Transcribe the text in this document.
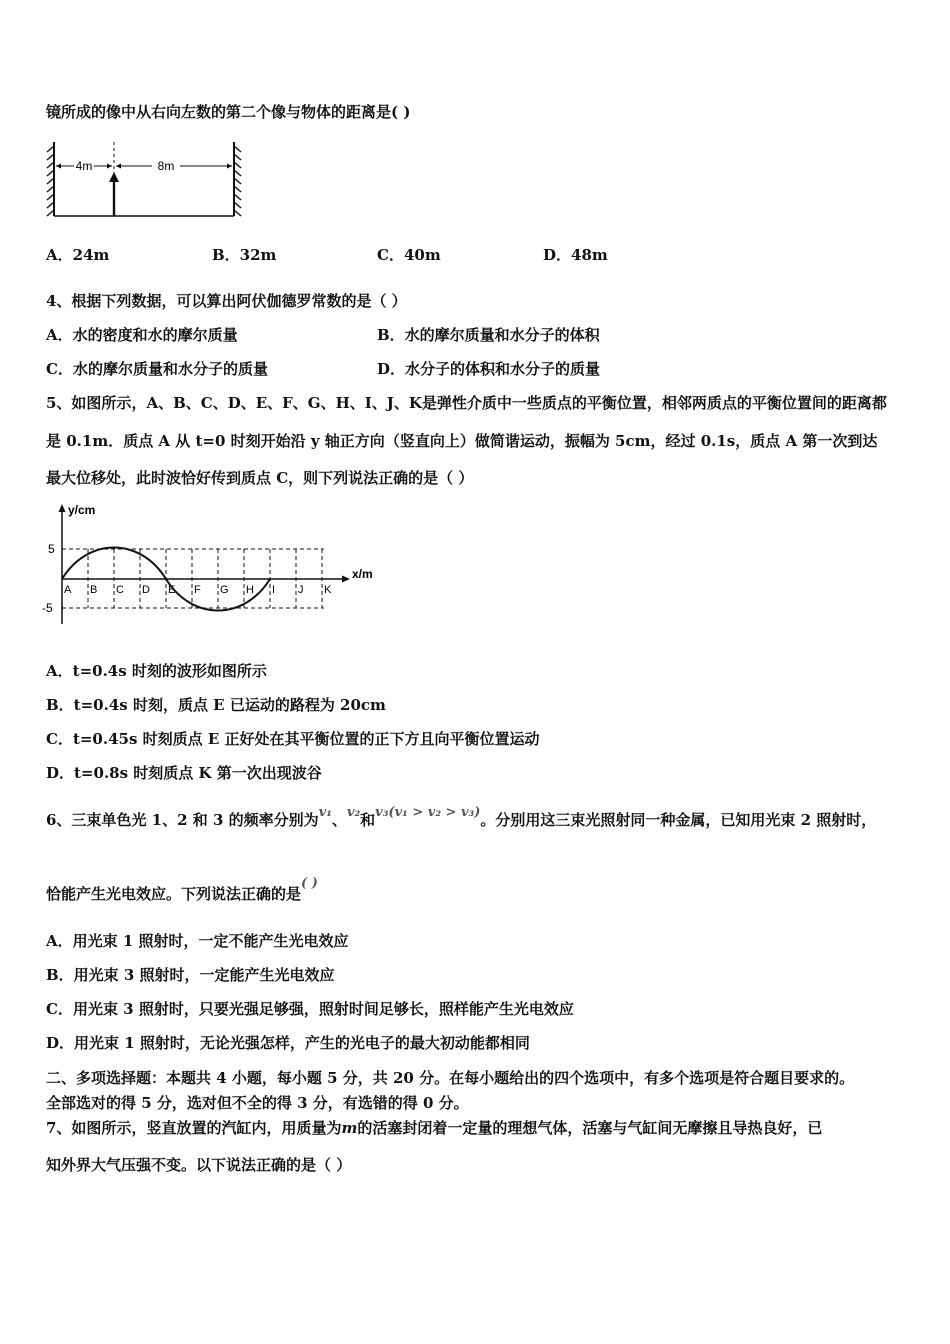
镜所成的像中从右向左数的第二个像与物体的距离是( )
4m	8m
A．24m	B．32m	C．40m	D．48m
4、根据下列数据，可以算出阿伏伽德罗常数的是（ ）
A．水的密度和水的摩尔质量	B．水的摩尔质量和水分子的体积
C．水的摩尔质量和水分子的质量	D．水分子的体积和水分子的质量
5、如图所示，A、B、C、D、E、F、G、H、I、J、K是弹性介质中一些质点的平衡位置，相邻两质点的平衡位置间的距离都
是 0.1m．质点 A 从 t=0 时刻开始沿 y 轴正方向（竖直向上）做简谐运动，振幅为 5cm，经过 0.1s，质点 A 第一次到达
最大位移处，此时波恰好传到质点 C，则下列说法正确的是（ ）
y/cm
x/m
5
-5
A B C D E F G H I J K
A．t=0.4s 时刻的波形如图所示
B．t=0.4s 时刻，质点 E 已运动的路程为 20cm
C．t=0.45s 时刻质点 E 正好处在其平衡位置的正下方且向平衡位置运动
D．t=0.8s 时刻质点 K 第一次出现波谷
6、三束单色光 1、2 和 3 的频率分别为v₁、v₂和v₃(v₁ > v₂ > v₃)。分别用这三束光照射同一种金属，已知用光束 2 照射时，
恰能产生光电效应。下列说法正确的是( )
A．用光束 1 照射时，一定不能产生光电效应
B．用光束 3 照射时，一定能产生光电效应
C．用光束 3 照射时，只要光强足够强，照射时间足够长，照样能产生光电效应
D．用光束 1 照射时，无论光强怎样，产生的光电子的最大初动能都相同
二、多项选择题：本题共 4 小题，每小题 5 分，共 20 分。在每小题给出的四个选项中，有多个选项是符合题目要求的。
全部选对的得 5 分，选对但不全的得 3 分，有选错的得 0 分。
7、如图所示，竖直放置的汽缸内，用质量为m的活塞封闭着一定量的理想气体，活塞与气缸间无摩擦且导热良好，已
知外界大气压强不变。以下说法正确的是（ ）
